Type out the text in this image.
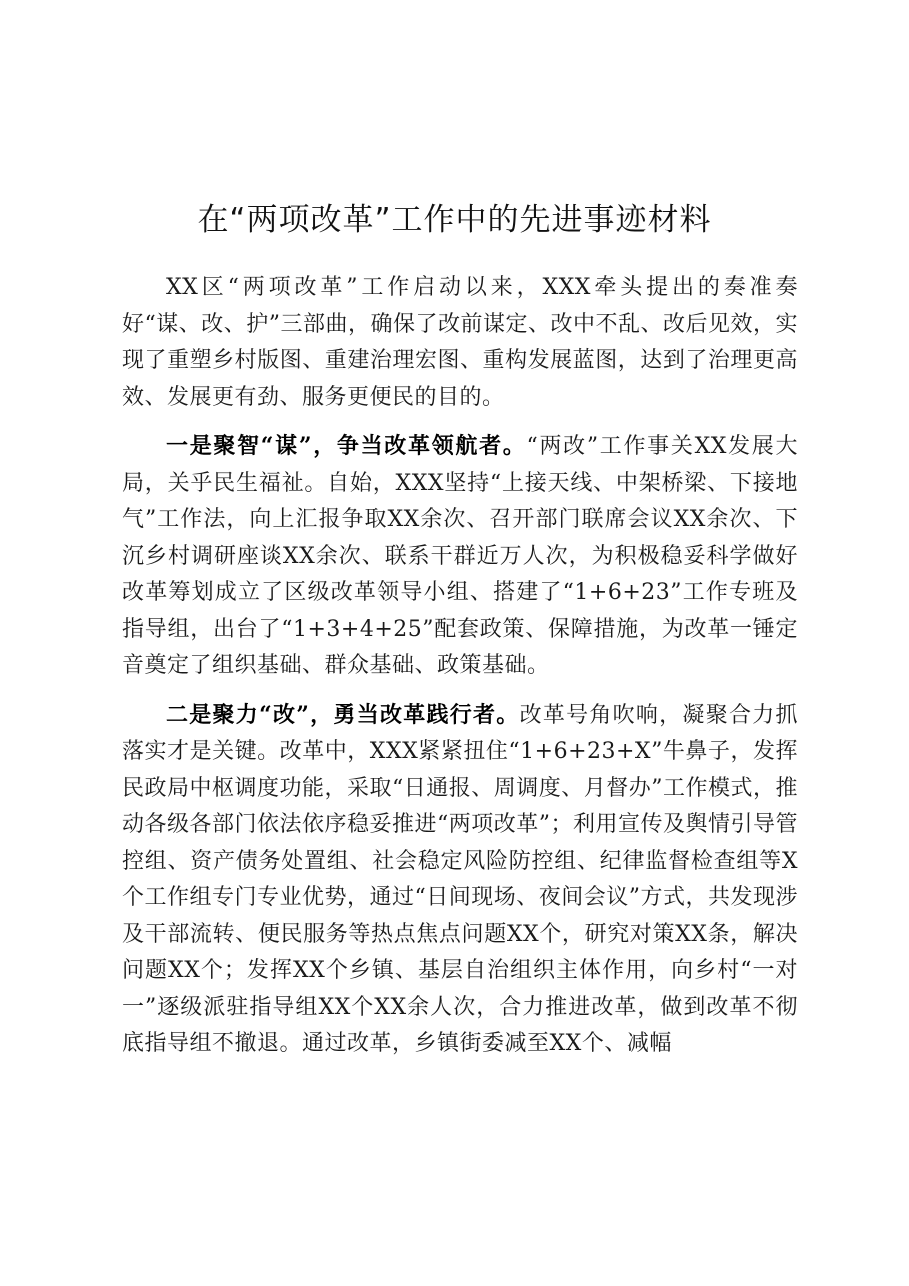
在“两项改革”工作中的先进事迹材料

XX区“两项改革”工作启动以来，XXX牵头提出的奏准奏好“谋、改、护”三部曲，确保了改前谋定、改中不乱、改后见效，实现了重塑乡村版图、重建治理宏图、重构发展蓝图，达到了治理更高效、发展更有劲、服务更便民的目的。

一是聚智“谋”，争当改革领航者。“两改”工作事关XX发展大局，关乎民生福祉。自始，XXX坚持“上接天线、中架桥梁、下接地气”工作法，向上汇报争取XX余次、召开部门联席会议XX余次、下沉乡村调研座谈XX余次、联系干群近万人次，为积极稳妥科学做好改革筹划成立了区级改革领导小组、搭建了“1+6+23”工作专班及指导组，出台了“1+3+4+25”配套政策、保障措施，为改革一锤定音奠定了组织基础、群众基础、政策基础。

二是聚力“改”，勇当改革践行者。改革号角吹响，凝聚合力抓落实才是关键。改革中，XXX紧紧扭住“1+6+23+X”牛鼻子，发挥民政局中枢调度功能，采取“日通报、周调度、月督办”工作模式，推动各级各部门依法依序稳妥推进“两项改革”；利用宣传及舆情引导管控组、资产债务处置组、社会稳定风险防控组、纪律监督检查组等X个工作组专门专业优势，通过“日间现场、夜间会议”方式，共发现涉及干部流转、便民服务等热点焦点问题XX个，研究对策XX条，解决问题XX个；发挥XX个乡镇、基层自治组织主体作用，向乡村“一对一”逐级派驻指导组XX个XX余人次，合力推进改革，做到改革不彻底指导组不撤退。通过改革，乡镇街委减至XX个、减幅
